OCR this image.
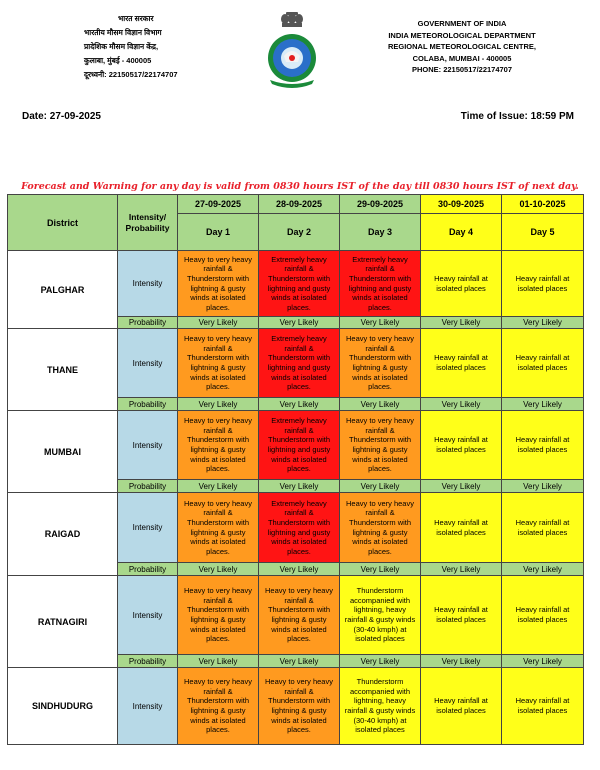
भारत सरकार
भारतीय मौसम विज्ञान विभाग
प्रादेशिक मौसम विज्ञान केंद्र,
कुलाबा, मुंबई - 400005
दूरध्वनी: 22150517/22174707
GOVERNMENT OF INDIA
INDIA METEOROLOGICAL DEPARTMENT
REGIONAL METEOROLOGICAL CENTRE,
COLABA, MUMBAI - 400005
PHONE: 22150517/22174707
Date: 27-09-2025	Time of Issue: 18:59 PM
Forecast and Warning for any day is valid from 0830 hours IST of the day till 0830 hours IST of next day.
District	Intensity/ Probability	27-09-2025	28-09-2025	29-09-2025	30-09-2025	01-10-2025
		Day 1	Day 2	Day 3	Day 4	Day 5
PALGHAR	Intensity	Heavy to very heavy rainfall & Thunderstorm with lightning & gusty winds at isolated places.	Extremely heavy rainfall & Thunderstorm with lightning and gusty winds at isolated places.	Extremely heavy rainfall & Thunderstorm with lightning and gusty winds at isolated places.	Heavy rainfall at isolated places	Heavy rainfall at isolated places

	Probability	Very Likely	Very Likely	Very Likely	Very Likely	Very Likely
THANE	Intensity	Heavy to very heavy rainfall & Thunderstorm with lightning & gusty winds at isolated places.	Extremely heavy rainfall & Thunderstorm with lightning and gusty winds at isolated places.	Heavy to very heavy rainfall & Thunderstorm with lightning & gusty winds at isolated places.	Heavy rainfall at isolated places	Heavy rainfall at isolated places

	Probability	Very Likely	Very Likely	Very Likely	Very Likely	Very Likely
MUMBAI	Intensity	Heavy to very heavy rainfall & Thunderstorm with lightning & gusty winds at isolated places.	Extremely heavy rainfall & Thunderstorm with lightning and gusty winds at isolated places.	Heavy to very heavy rainfall & Thunderstorm with lightning & gusty winds at isolated places.	Heavy rainfall at isolated places	Heavy rainfall at isolated places

	Probability	Very Likely	Very Likely	Very Likely	Very Likely	Very Likely
RAIGAD	Intensity	Heavy to very heavy rainfall & Thunderstorm with lightning & gusty winds at isolated places.	Extremely heavy rainfall & Thunderstorm with lightning and gusty winds at isolated places.	Heavy to very heavy rainfall & Thunderstorm with lightning & gusty winds at isolated places.	Heavy rainfall at isolated places	Heavy rainfall at isolated places

	Probability	Very Likely	Very Likely	Very Likely	Very Likely	Very Likely
RATNAGIRI	Intensity	Heavy to very heavy rainfall & Thunderstorm with lightning & gusty winds at isolated places.	Heavy to very heavy rainfall & Thunderstorm with lightning & gusty winds at isolated places.	Thunderstorm accompanied with lightning, heavy rainfall & gusty winds (30-40 kmph) at isolated places	Heavy rainfall at isolated places	Heavy rainfall at isolated places

	Probability	Very Likely	Very Likely	Very Likely	Very Likely	Very Likely
SINDHUDURG	Intensity	Heavy to very heavy rainfall & Thunderstorm with lightning & gusty winds at isolated places.	Heavy to very heavy rainfall & Thunderstorm with lightning & gusty winds at isolated places.	Thunderstorm accompanied with lightning, heavy rainfall & gusty winds (30-40 kmph) at isolated places	Heavy rainfall at isolated places	Heavy rainfall at isolated places
